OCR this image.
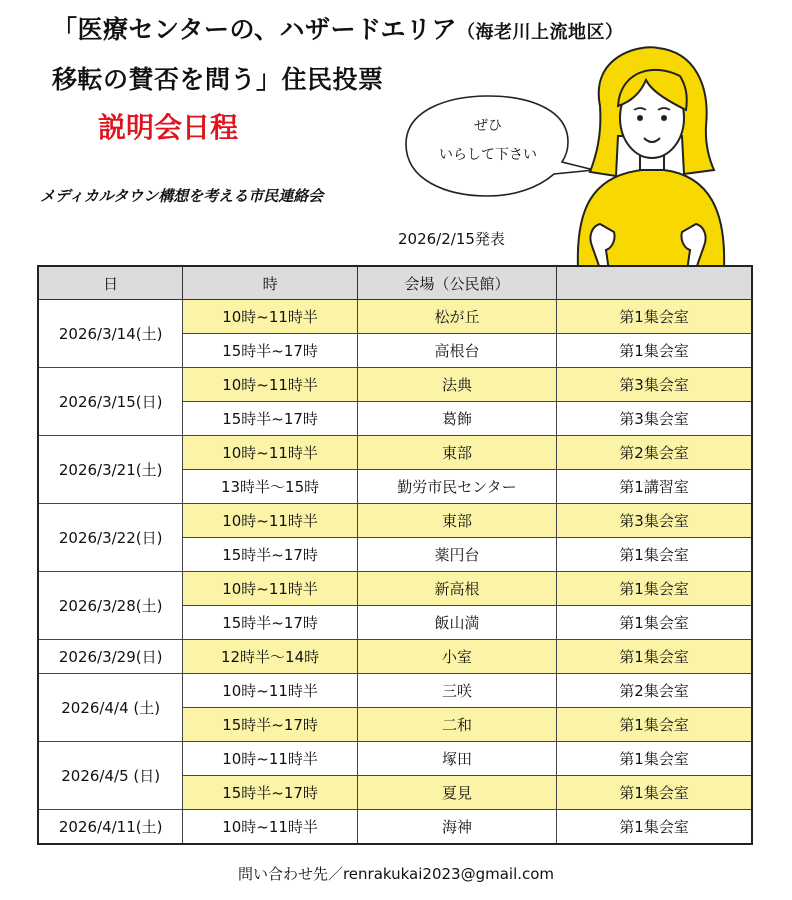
「医療センターの、ハザードエリア（海老川上流地区）
移転の賛否を問う」住民投票
説明会日程	ぜひ
いらして下さい
メディカルタウン構想を考える市民連絡会
2026/2/15発表
日	時	会場（公民館）	
2026/3/14(土)	10時~11時半	松が丘	第1集会室
	15時半~17時	高根台	第1集会室
2026/3/15(日)	10時~11時半	法典	第3集会室
	15時半~17時	葛飾	第3集会室
2026/3/21(土)	10時~11時半	東部	第2集会室
	13時半～15時	勤労市民センター	第1講習室
2026/3/22(日)	10時~11時半	東部	第3集会室
	15時半~17時	薬円台	第1集会室
2026/3/28(土)	10時~11時半	新高根	第1集会室
	15時半~17時	飯山満	第1集会室
2026/3/29(日)	12時半～14時	小室	第1集会室
2026/4/4 (土)	10時~11時半	三咲	第2集会室
	15時半~17時	二和	第1集会室
2026/4/5 (日)	10時~11時半	塚田	第1集会室
	15時半~17時	夏見	第1集会室
2026/4/11(土)	10時~11時半	海神	第1集会室
問い合わせ先／renrakukai2023@gmail.com
